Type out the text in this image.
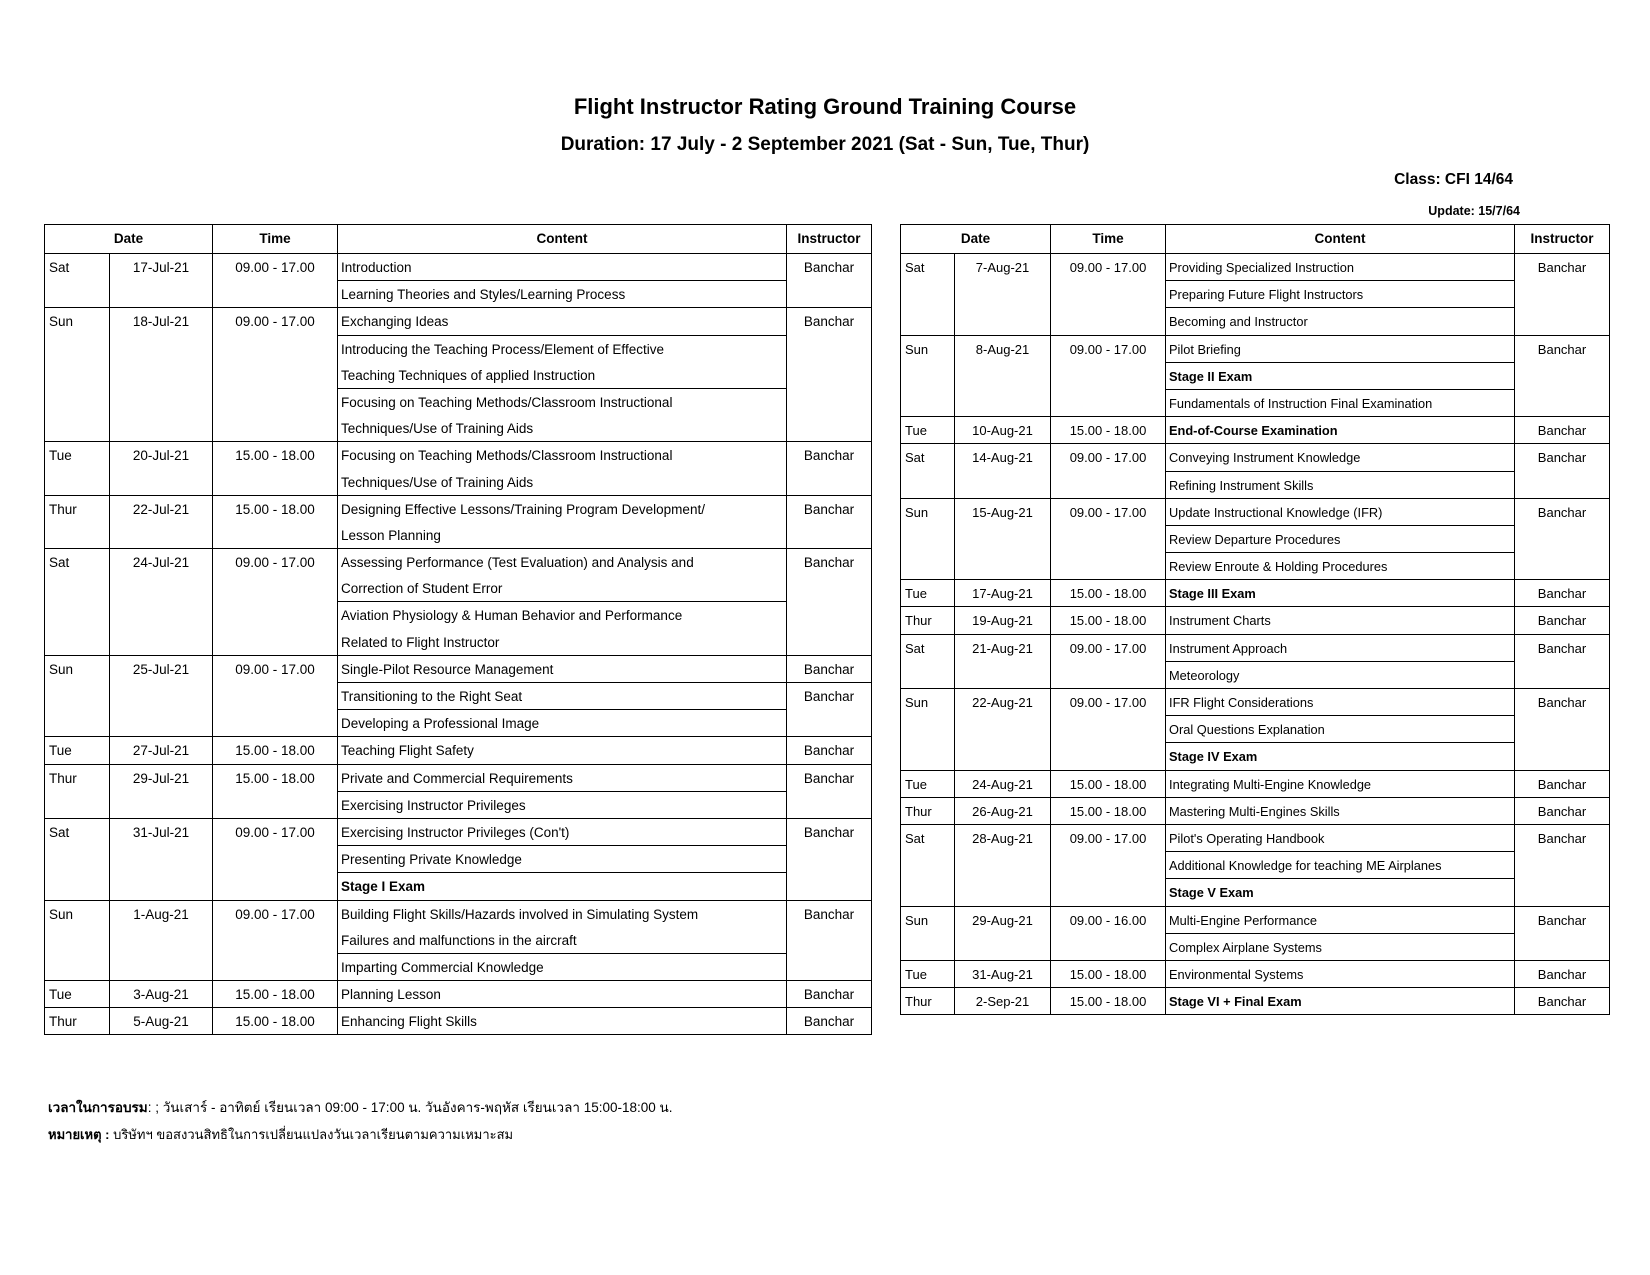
Flight Instructor Rating Ground Training Course
Duration: 17 July - 2 September 2021 (Sat - Sun, Tue, Thur)
Class: CFI 14/64
Update: 15/7/64
Date		Time	Content	Instructor
Sat	17-Jul-21	09.00 - 17.00	Introduction	Banchar
			Learning Theories and Styles/Learning Process	
Sun	18-Jul-21	09.00 - 17.00	Exchanging Ideas	Banchar
			Introducing the Teaching Process/Element of Effective	
			Teaching Techniques of applied Instruction	
			Focusing on Teaching Methods/Classroom Instructional	
			Techniques/Use of Training Aids	
Tue	20-Jul-21	15.00 - 18.00	Focusing on Teaching Methods/Classroom Instructional	Banchar
			Techniques/Use of Training Aids	
Thur	22-Jul-21	15.00 - 18.00	Designing Effective Lessons/Training Program Development/	Banchar
			Lesson Planning	
Sat	24-Jul-21	09.00 - 17.00	Assessing Performance (Test Evaluation) and Analysis and	Banchar
			Correction of Student Error	
			Aviation Physiology & Human Behavior and Performance	
			Related to Flight Instructor	
Sun	25-Jul-21	09.00 - 17.00	Single-Pilot Resource Management	Banchar
			Transitioning to the Right Seat	Banchar
			Developing a Professional Image	
Tue	27-Jul-21	15.00 - 18.00	Teaching Flight Safety	Banchar
Thur	29-Jul-21	15.00 - 18.00	Private and Commercial Requirements	Banchar
			Exercising Instructor Privileges	
Sat	31-Jul-21	09.00 - 17.00	Exercising Instructor Privileges (Con't)	Banchar
			Presenting Private Knowledge	
			Stage I Exam	
Sun	1-Aug-21	09.00 - 17.00	Building Flight Skills/Hazards involved in Simulating System	Banchar
			Failures and malfunctions in the aircraft	
			Imparting Commercial Knowledge	
Tue	3-Aug-21	15.00 - 18.00	Planning Lesson	Banchar
Thur	5-Aug-21	15.00 - 18.00	Enhancing Flight Skills	Banchar
Date		Time	Content	Instructor
Sat	7-Aug-21	09.00 - 17.00	Providing Specialized Instruction	Banchar
			Preparing Future Flight Instructors	
			Becoming and Instructor	
Sun	8-Aug-21	09.00 - 17.00	Pilot Briefing	Banchar
			Stage II Exam	
			Fundamentals of Instruction Final Examination	
Tue	10-Aug-21	15.00 - 18.00	End-of-Course Examination	Banchar
Sat	14-Aug-21	09.00 - 17.00	Conveying Instrument Knowledge	Banchar
			Refining Instrument Skills	
Sun	15-Aug-21	09.00 - 17.00	Update Instructional Knowledge (IFR)	Banchar
			Review Departure Procedures	
			Review Enroute & Holding Procedures	
Tue	17-Aug-21	15.00 - 18.00	Stage III Exam	Banchar
Thur	19-Aug-21	15.00 - 18.00	Instrument Charts	Banchar
Sat	21-Aug-21	09.00 - 17.00	Instrument Approach	Banchar
			Meteorology	
Sun	22-Aug-21	09.00 - 17.00	IFR Flight Considerations	Banchar
			Oral Questions Explanation	
			Stage IV Exam	
Tue	24-Aug-21	15.00 - 18.00	Integrating Multi-Engine Knowledge	Banchar
Thur	26-Aug-21	15.00 - 18.00	Mastering Multi-Engines Skills	Banchar
Sat	28-Aug-21	09.00 - 17.00	Pilot's Operating Handbook	Banchar
			Additional Knowledge for teaching ME Airplanes	
			Stage V Exam	
Sun	29-Aug-21	09.00 - 16.00	Multi-Engine Performance	Banchar
			Complex Airplane Systems	
Tue	31-Aug-21	15.00 - 18.00	Environmental Systems	Banchar
Thur	2-Sep-21	15.00 - 18.00	Stage VI + Final Exam	Banchar

เวลาในการอบรม: ; วันเสาร์ - อาทิตย์ เรียนเวลา 09:00 - 17:00 น. วันอังคาร-พฤหัส เรียนเวลา 15:00-18:00 น.
หมายเหตุ : บริษัทฯ ขอสงวนสิทธิในการเปลี่ยนแปลงวันเวลาเรียนตามความเหมาะสม
